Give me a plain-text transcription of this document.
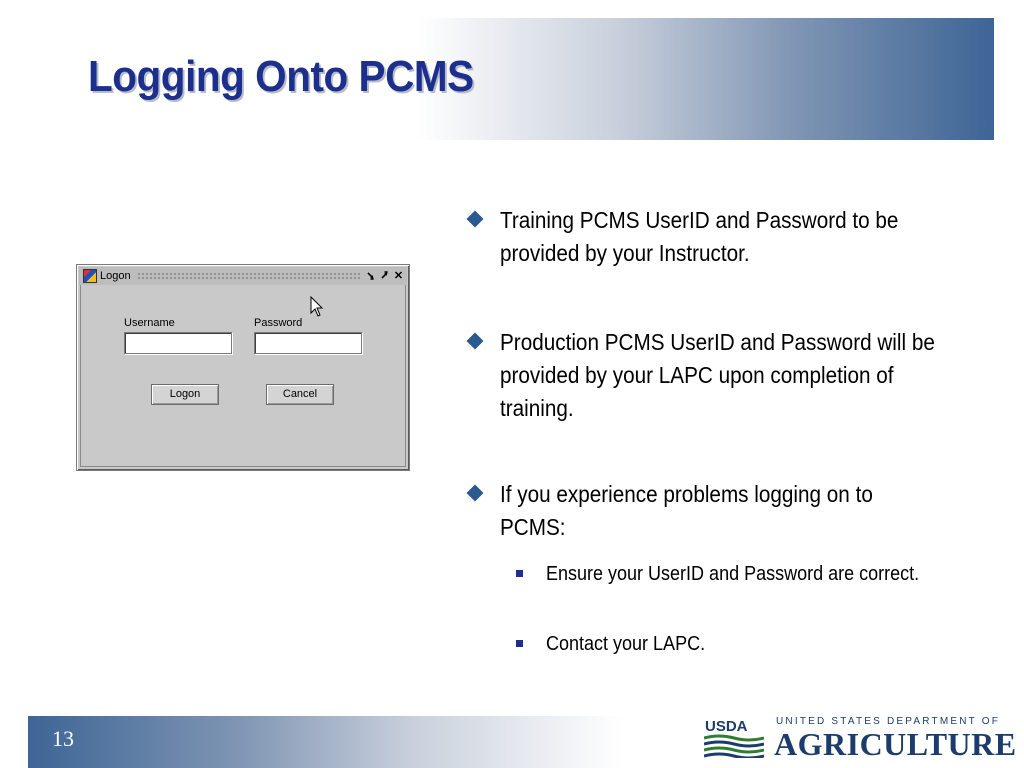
Logging Onto PCMS
Logon	⭸ ⭷ ✕
Username	Password
Logon	Cancel
Training PCMS UserID and Password to be provided by your Instructor.
Production PCMS UserID and Password will be provided by your LAPC upon completion of training.
If you experience problems logging on to PCMS:
Ensure your UserID and Password are correct.
Contact your LAPC.
13	USDA	UNITED STATES DEPARTMENT OF
AGRICULTURE
